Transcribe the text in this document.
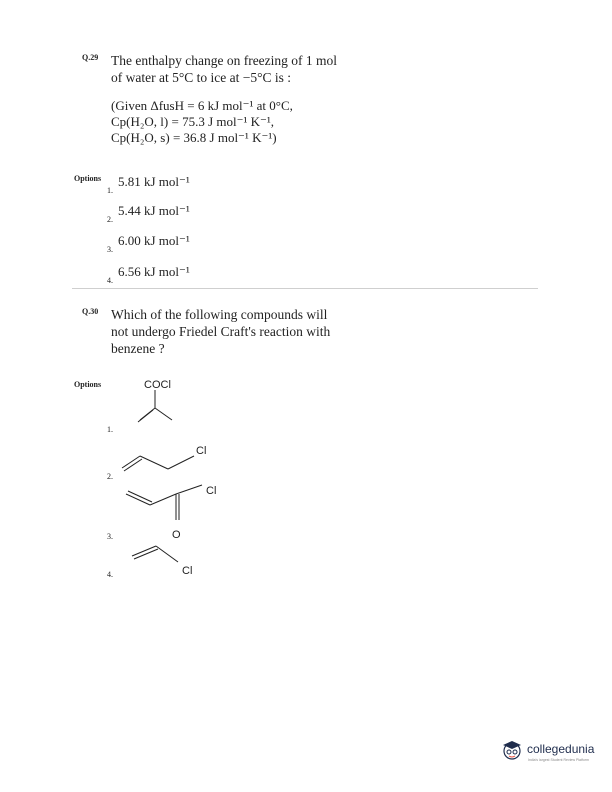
Q.29 The enthalpy change on freezing of 1 mol
of water at 5°C to ice at −5°C is :
(Given ΔfusH = 6 kJ mol⁻¹ at 0°C,
Cp(H₂O, l) = 75.3 J mol⁻¹ K⁻¹,
Cp(H₂O, s) = 36.8 J mol⁻¹ K⁻¹)
Options
1.
5.81 kJ mol⁻¹
2.
5.44 kJ mol⁻¹
3.
6.00 kJ mol⁻¹
4.
6.56 kJ mol⁻¹
Q.30 Which of the following compounds will
not undergo Friedel Craft's reaction with
benzene ?
Options
1.
2.
3.
4.
COCl
Cl
Cl
O
Cl
collegedunia
India's largest Student Review Platform
